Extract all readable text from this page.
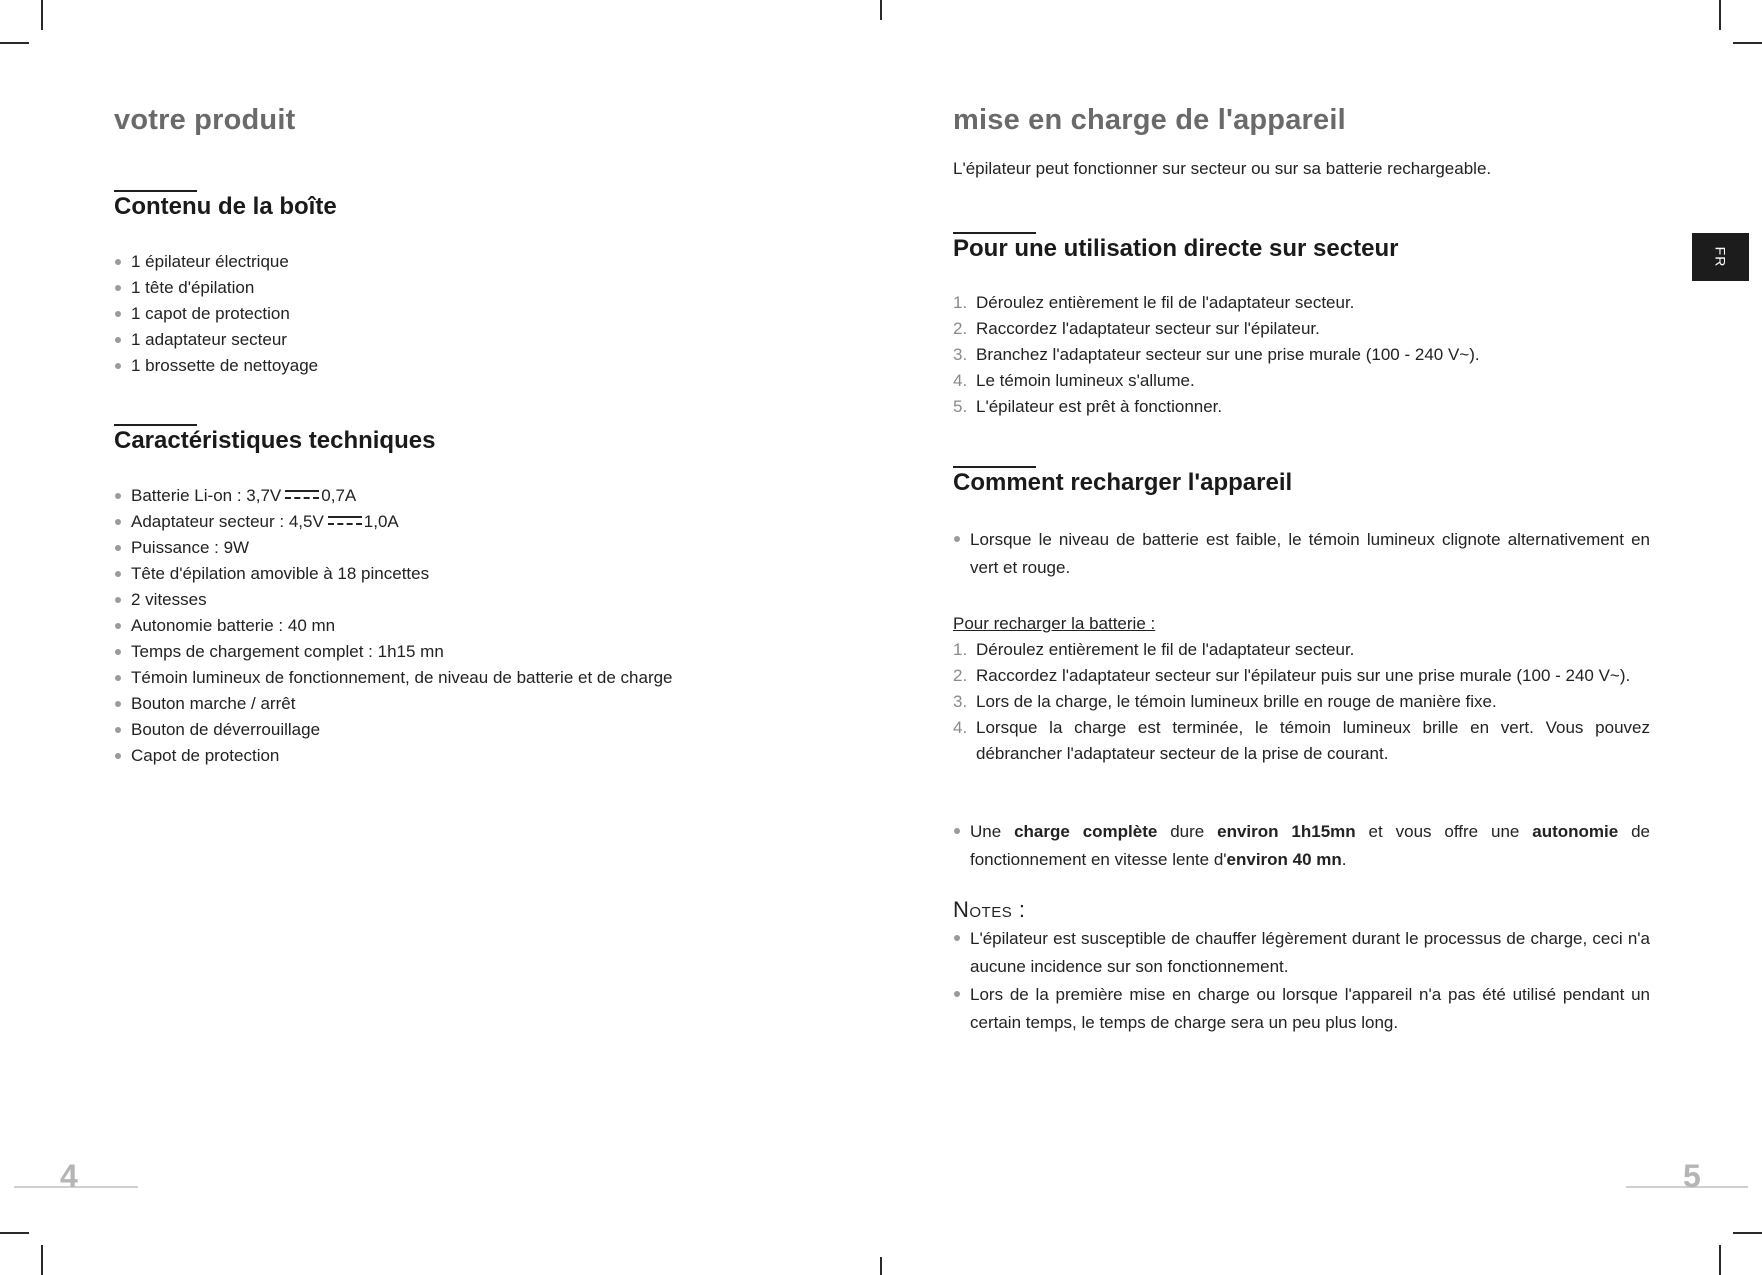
votre produit
Contenu de la boîte
1 épilateur électrique
1 tête d'épilation
1 capot de protection
1 adaptateur secteur
1 brossette de nettoyage
Caractéristiques techniques
Batterie Li-on : 3,7V 0,7A
Adaptateur secteur : 4,5V 1,0A
Puissance : 9W
Tête d'épilation amovible à 18 pincettes
2 vitesses
Autonomie batterie : 40 mn
Temps de chargement complet : 1h15 mn
Témoin lumineux de fonctionnement, de niveau de batterie et de charge
Bouton marche / arrêt
Bouton de déverrouillage
Capot de protection
4
mise en charge de l'appareil

L'épilateur peut fonctionner sur secteur ou sur sa batterie rechargeable.

Pour une utilisation directe sur secteur
1. Déroulez entièrement le fil de l'adaptateur secteur.
2. Raccordez l'adaptateur secteur sur l'épilateur.
3. Branchez l'adaptateur secteur sur une prise murale (100 - 240 V~).
4. Le témoin lumineux s'allume.
5. L'épilateur est prêt à fonctionner.
Comment recharger l'appareil
Lorsque le niveau de batterie est faible, le témoin lumineux clignote alternativement en vert et rouge.

Pour recharger la batterie :

1. Déroulez entièrement le fil de l'adaptateur secteur.
2. Raccordez l'adaptateur secteur sur l'épilateur puis sur une prise murale (100 - 240 V~).
3. Lors de la charge, le témoin lumineux brille en rouge de manière fixe.
4. Lorsque la charge est terminée, le témoin lumineux brille en vert. Vous pouvez débrancher l'adaptateur secteur de la prise de courant.
Une charge complète dure environ 1h15mn et vous offre une autonomie de fonctionnement en vitesse lente d'environ 40 mn.

Notes :

L'épilateur est susceptible de chauffer légèrement durant le processus de charge, ceci n'a aucune incidence sur son fonctionnement.
Lors de la première mise en charge ou lorsque l'appareil n'a pas été utilisé pendant un certain temps, le temps de charge sera un peu plus long.
FR
5
